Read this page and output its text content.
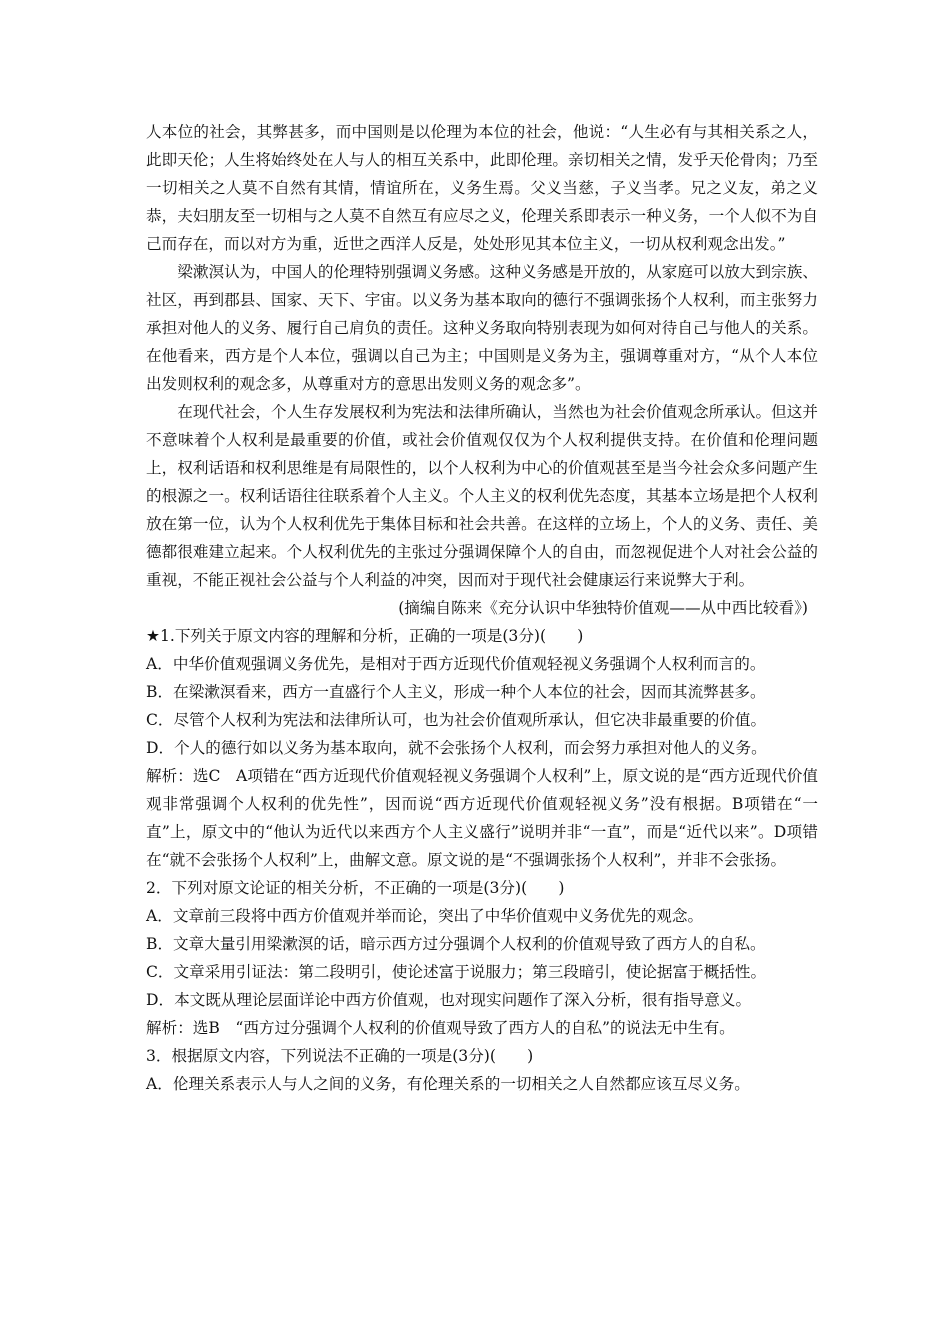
人本位的社会，其弊甚多，而中国则是以伦理为本位的社会，他说：“人生必有与其相关系之人，此即天伦；人生将始终处在人与人的相互关系中，此即伦理。亲切相关之情，发乎天伦骨肉；乃至一切相关之人莫不自然有其情，情谊所在，义务生焉。父义当慈，子义当孝。兄之义友，弟之义恭，夫妇朋友至一切相与之人莫不自然互有应尽之义，伦理关系即表示一种义务，一个人似不为自己而存在，而以对方为重，近世之西洋人反是，处处形见其本位主义，一切从权利观念出发。”

梁漱溟认为，中国人的伦理特别强调义务感。这种义务感是开放的，从家庭可以放大到宗族、社区，再到郡县、国家、天下、宇宙。以义务为基本取向的德行不强调张扬个人权利，而主张努力承担对他人的义务、履行自己肩负的责任。这种义务取向特别表现为如何对待自己与他人的关系。在他看来，西方是个人本位，强调以自己为主；中国则是义务为主，强调尊重对方，“从个人本位出发则权利的观念多，从尊重对方的意思出发则义务的观念多”。

在现代社会，个人生存发展权利为宪法和法律所确认，当然也为社会价值观念所承认。但这并不意味着个人权利是最重要的价值，或社会价值观仅仅为个人权利提供支持。在价值和伦理问题上，权利话语和权利思维是有局限性的，以个人权利为中心的价值观甚至是当今社会众多问题产生的根源之一。权利话语往往联系着个人主义。个人主义的权利优先态度，其基本立场是把个人权利放在第一位，认为个人权利优先于集体目标和社会共善。在这样的立场上，个人的义务、责任、美德都很难建立起来。个人权利优先的主张过分强调保障个人的自由，而忽视促进个人对社会公益的重视，不能正视社会公益与个人利益的冲突，因而对于现代社会健康运行来说弊大于利。

(摘编自陈来《充分认识中华独特价值观——从中西比较看》)

★1.下列关于原文内容的理解和分析，正确的一项是(3分)(　　)

A．中华价值观强调义务优先，是相对于西方近现代价值观轻视义务强调个人权利而言的。

B．在梁漱溟看来，西方一直盛行个人主义，形成一种个人本位的社会，因而其流弊甚多。

C．尽管个人权利为宪法和法律所认可，也为社会价值观所承认，但它决非最重要的价值。

D．个人的德行如以义务为基本取向，就不会张扬个人权利，而会努力承担对他人的义务。

解析：选C　A项错在“西方近现代价值观轻视义务强调个人权利”上，原文说的是“西方近现代价值观非常强调个人权利的优先性”，因而说“西方近现代价值观轻视义务”没有根据。B项错在“一直”上，原文中的“他认为近代以来西方个人主义盛行”说明并非“一直”，而是“近代以来”。D项错在“就不会张扬个人权利”上，曲解文意。原文说的是“不强调张扬个人权利”，并非不会张扬。

2．下列对原文论证的相关分析，不正确的一项是(3分)(　　)

A．文章前三段将中西方价值观并举而论，突出了中华价值观中义务优先的观念。

B．文章大量引用梁漱溟的话，暗示西方过分强调个人权利的价值观导致了西方人的自私。

C．文章采用引证法：第二段明引，使论述富于说服力；第三段暗引，使论据富于概括性。

D．本文既从理论层面详论中西方价值观，也对现实问题作了深入分析，很有指导意义。

解析：选B　“西方过分强调个人权利的价值观导致了西方人的自私”的说法无中生有。

3．根据原文内容，下列说法不正确的一项是(3分)(　　)

A．伦理关系表示人与人之间的义务，有伦理关系的一切相关之人自然都应该互尽义务。
